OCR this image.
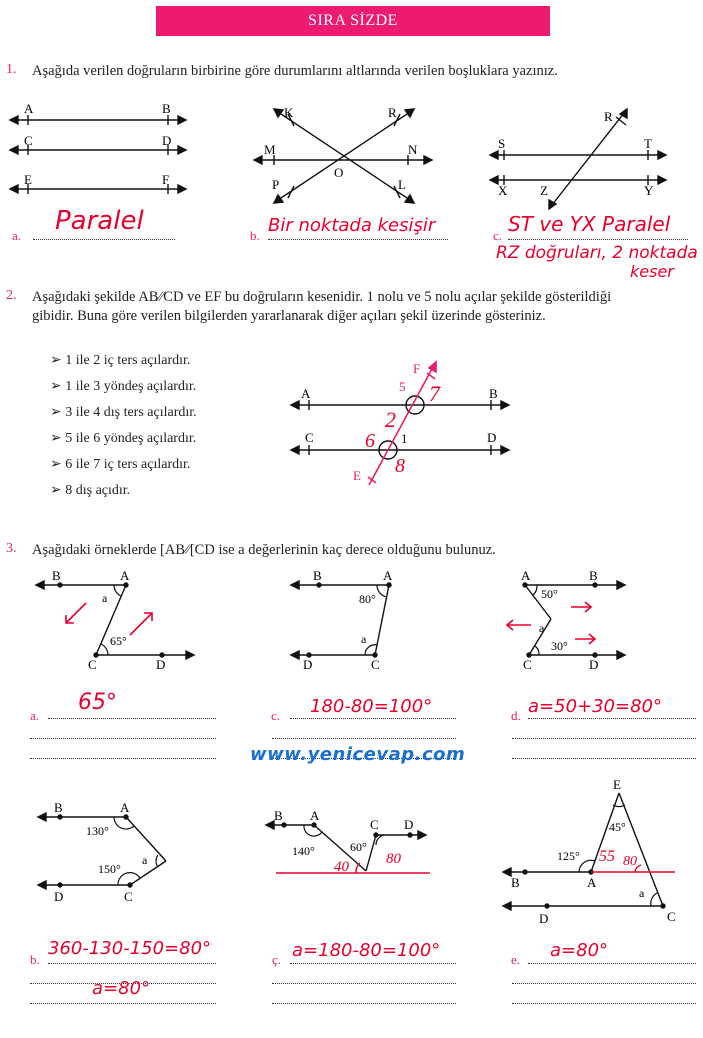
SIRA SİZDE
1. Aşağıda verilen doğruların birbirine göre durumlarını altlarında verilen boşluklara yazınız.
A	B
C	D
E	F
K	R
M	N
O
P	L
R
S	T
X	Z	Y
a. Paralel	b. Bir noktada kesişir	c. ST ve YX Paralel
RZ doğruları, 2 noktada
keser
2. Aşağıdaki şekilde AB∕∕CD ve EF bu doğruların kesenidir. 1 nolu ve 5 nolu açılar şekilde gösterildiği
gibidir. Buna göre verilen bilgilerden yararlanarak diğer açıları şekil üzerinde gösteriniz.
➢ 1 ile 2 iç ters açılardır.
➢ 1 ile 3 yöndeş açılardır.
➢ 3 ile 4 dış ters açılardır.
➢ 5 ile 6 yöndeş açılardır.
➢ 6 ile 7 iç ters açılardır.
➢ 8 dış açıdır.
A	B
C	D
F
E
5
1
7
2
6
8
3. Aşağıdaki örneklerde [AB∕∕[CD ise a değerlerinin kaç derece olduğunu bulunuz.
B	A
a
65°
C	D
B	A
80°
a
D	C
A	B
50°
a
30°
C	D
a.
65°
c. 180-80=100°	d. a=50+30=80°
www.yenicevap.com
B	A
130°
a
150°
D	C
B A
C D
140°	60°
40 80
E
45°
125° 55 80
A
B
a
D	C
b.
360-130-150=80°
a=80°
ç. a=180-80=100°	e. a=80°
